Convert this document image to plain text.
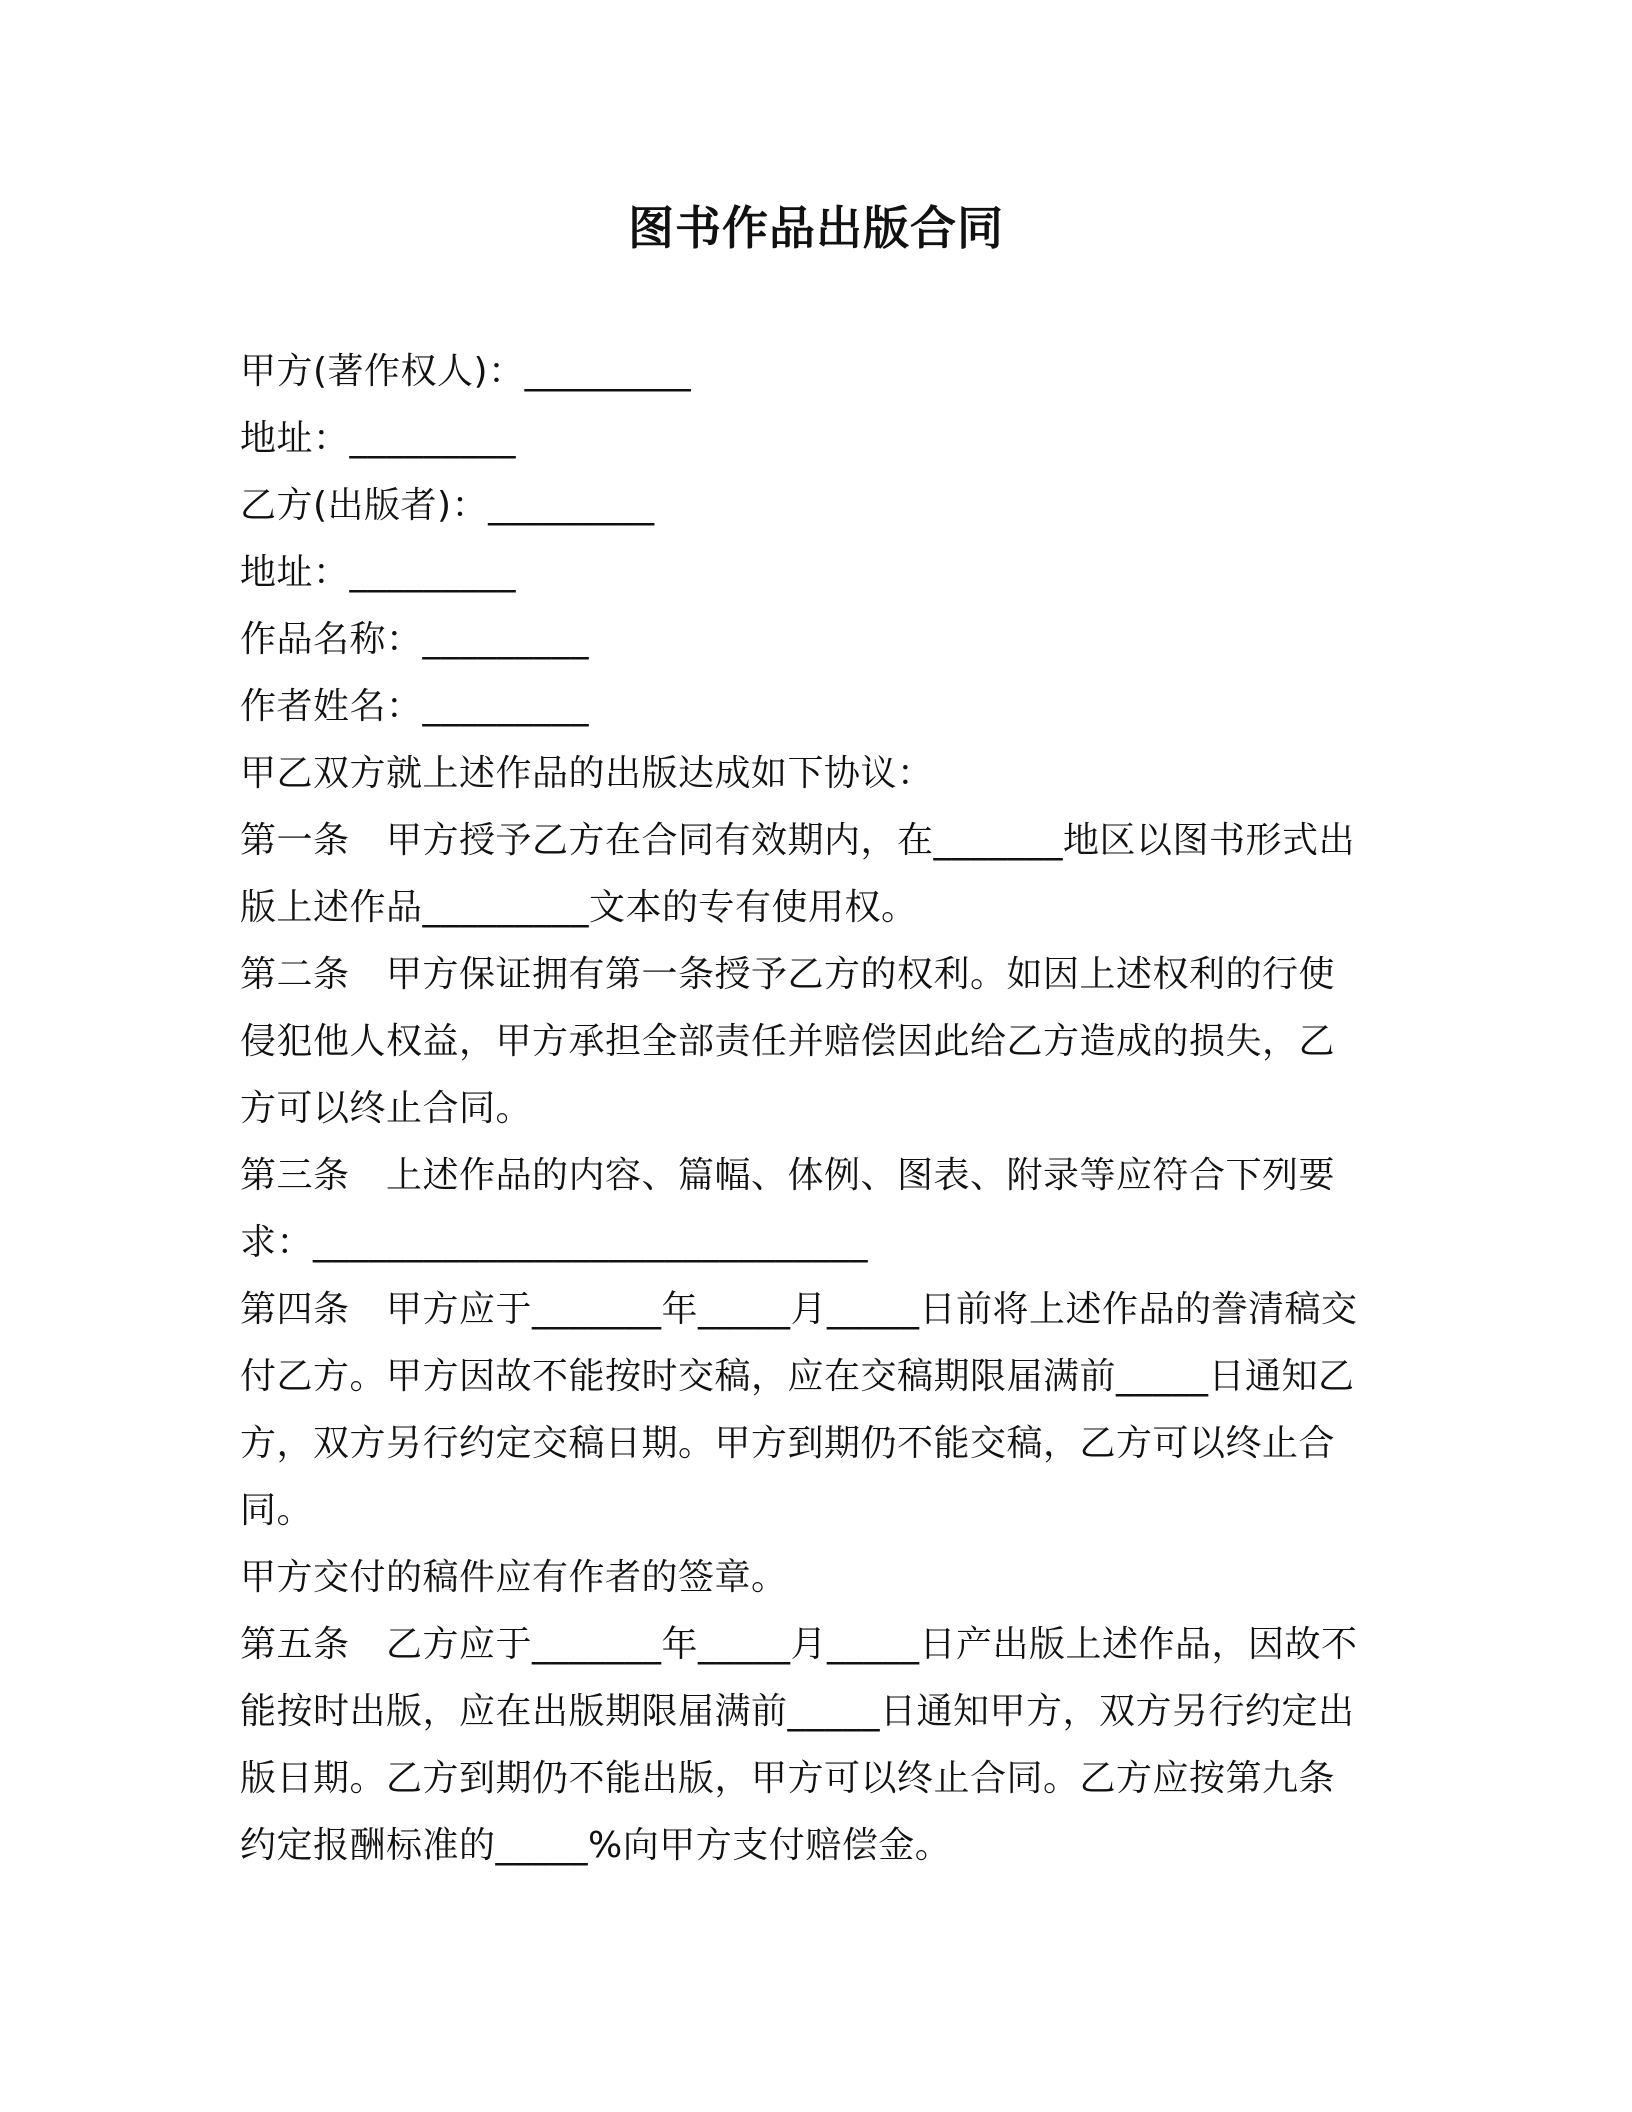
图书作品出版合同

甲方(著作权人)：_________

地址：_________

乙方(出版者)：_________

地址：_________

作品名称：_________

作者姓名：_________

甲乙双方就上述作品的出版达成如下协议：

第一条　甲方授予乙方在合同有效期内，在_______地区以图书形式出

版上述作品_________文本的专有使用权。

第二条　甲方保证拥有第一条授予乙方的权利。如因上述权利的行使

侵犯他人权益，甲方承担全部责任并赔偿因此给乙方造成的损失，乙

方可以终止合同。

第三条　上述作品的内容、篇幅、体例、图表、附录等应符合下列要

求：______________________________

第四条　甲方应于_______年_____月_____日前将上述作品的誊清稿交

付乙方。甲方因故不能按时交稿，应在交稿期限届满前_____日通知乙

方，双方另行约定交稿日期。甲方到期仍不能交稿，乙方可以终止合

同。

甲方交付的稿件应有作者的签章。

第五条　乙方应于_______年_____月_____日产出版上述作品，因故不

能按时出版，应在出版期限届满前_____日通知甲方，双方另行约定出

版日期。乙方到期仍不能出版，甲方可以终止合同。乙方应按第九条

约定报酬标准的_____%向甲方支付赔偿金。
